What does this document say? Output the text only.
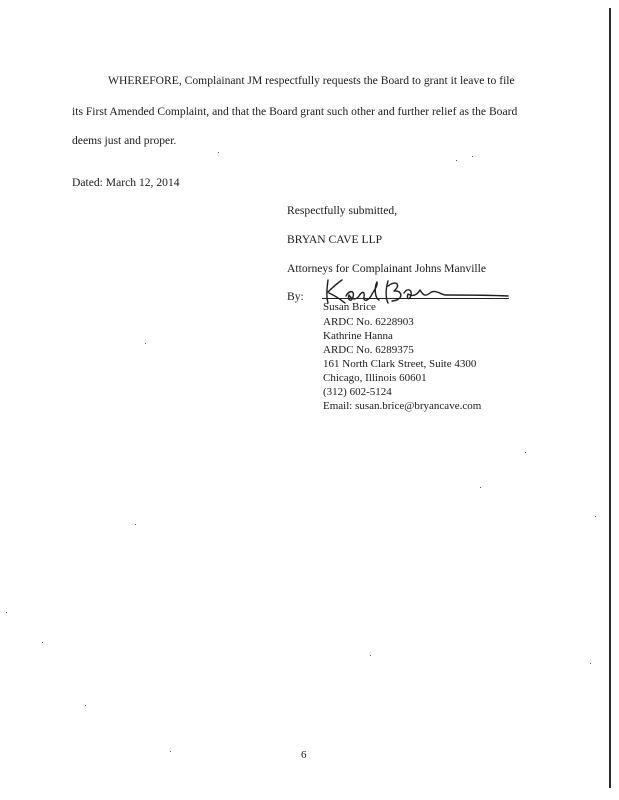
WHEREFORE, Complainant JM respectfully requests the Board to grant it leave to file
its First Amended Complaint, and that the Board grant such other and further relief as the Board
deems just and proper.
Dated: March 12, 2014
Respectfully submitted,
BRYAN CAVE LLP
Attorneys for Complainant Johns Manville
By:
Susan Brice
ARDC No. 6228903
Kathrine Hanna
ARDC No. 6289375
161 North Clark Street, Suite 4300
Chicago, Illinois 60601
(312) 602-5124
Email: susan.brice@bryancave.com
6
